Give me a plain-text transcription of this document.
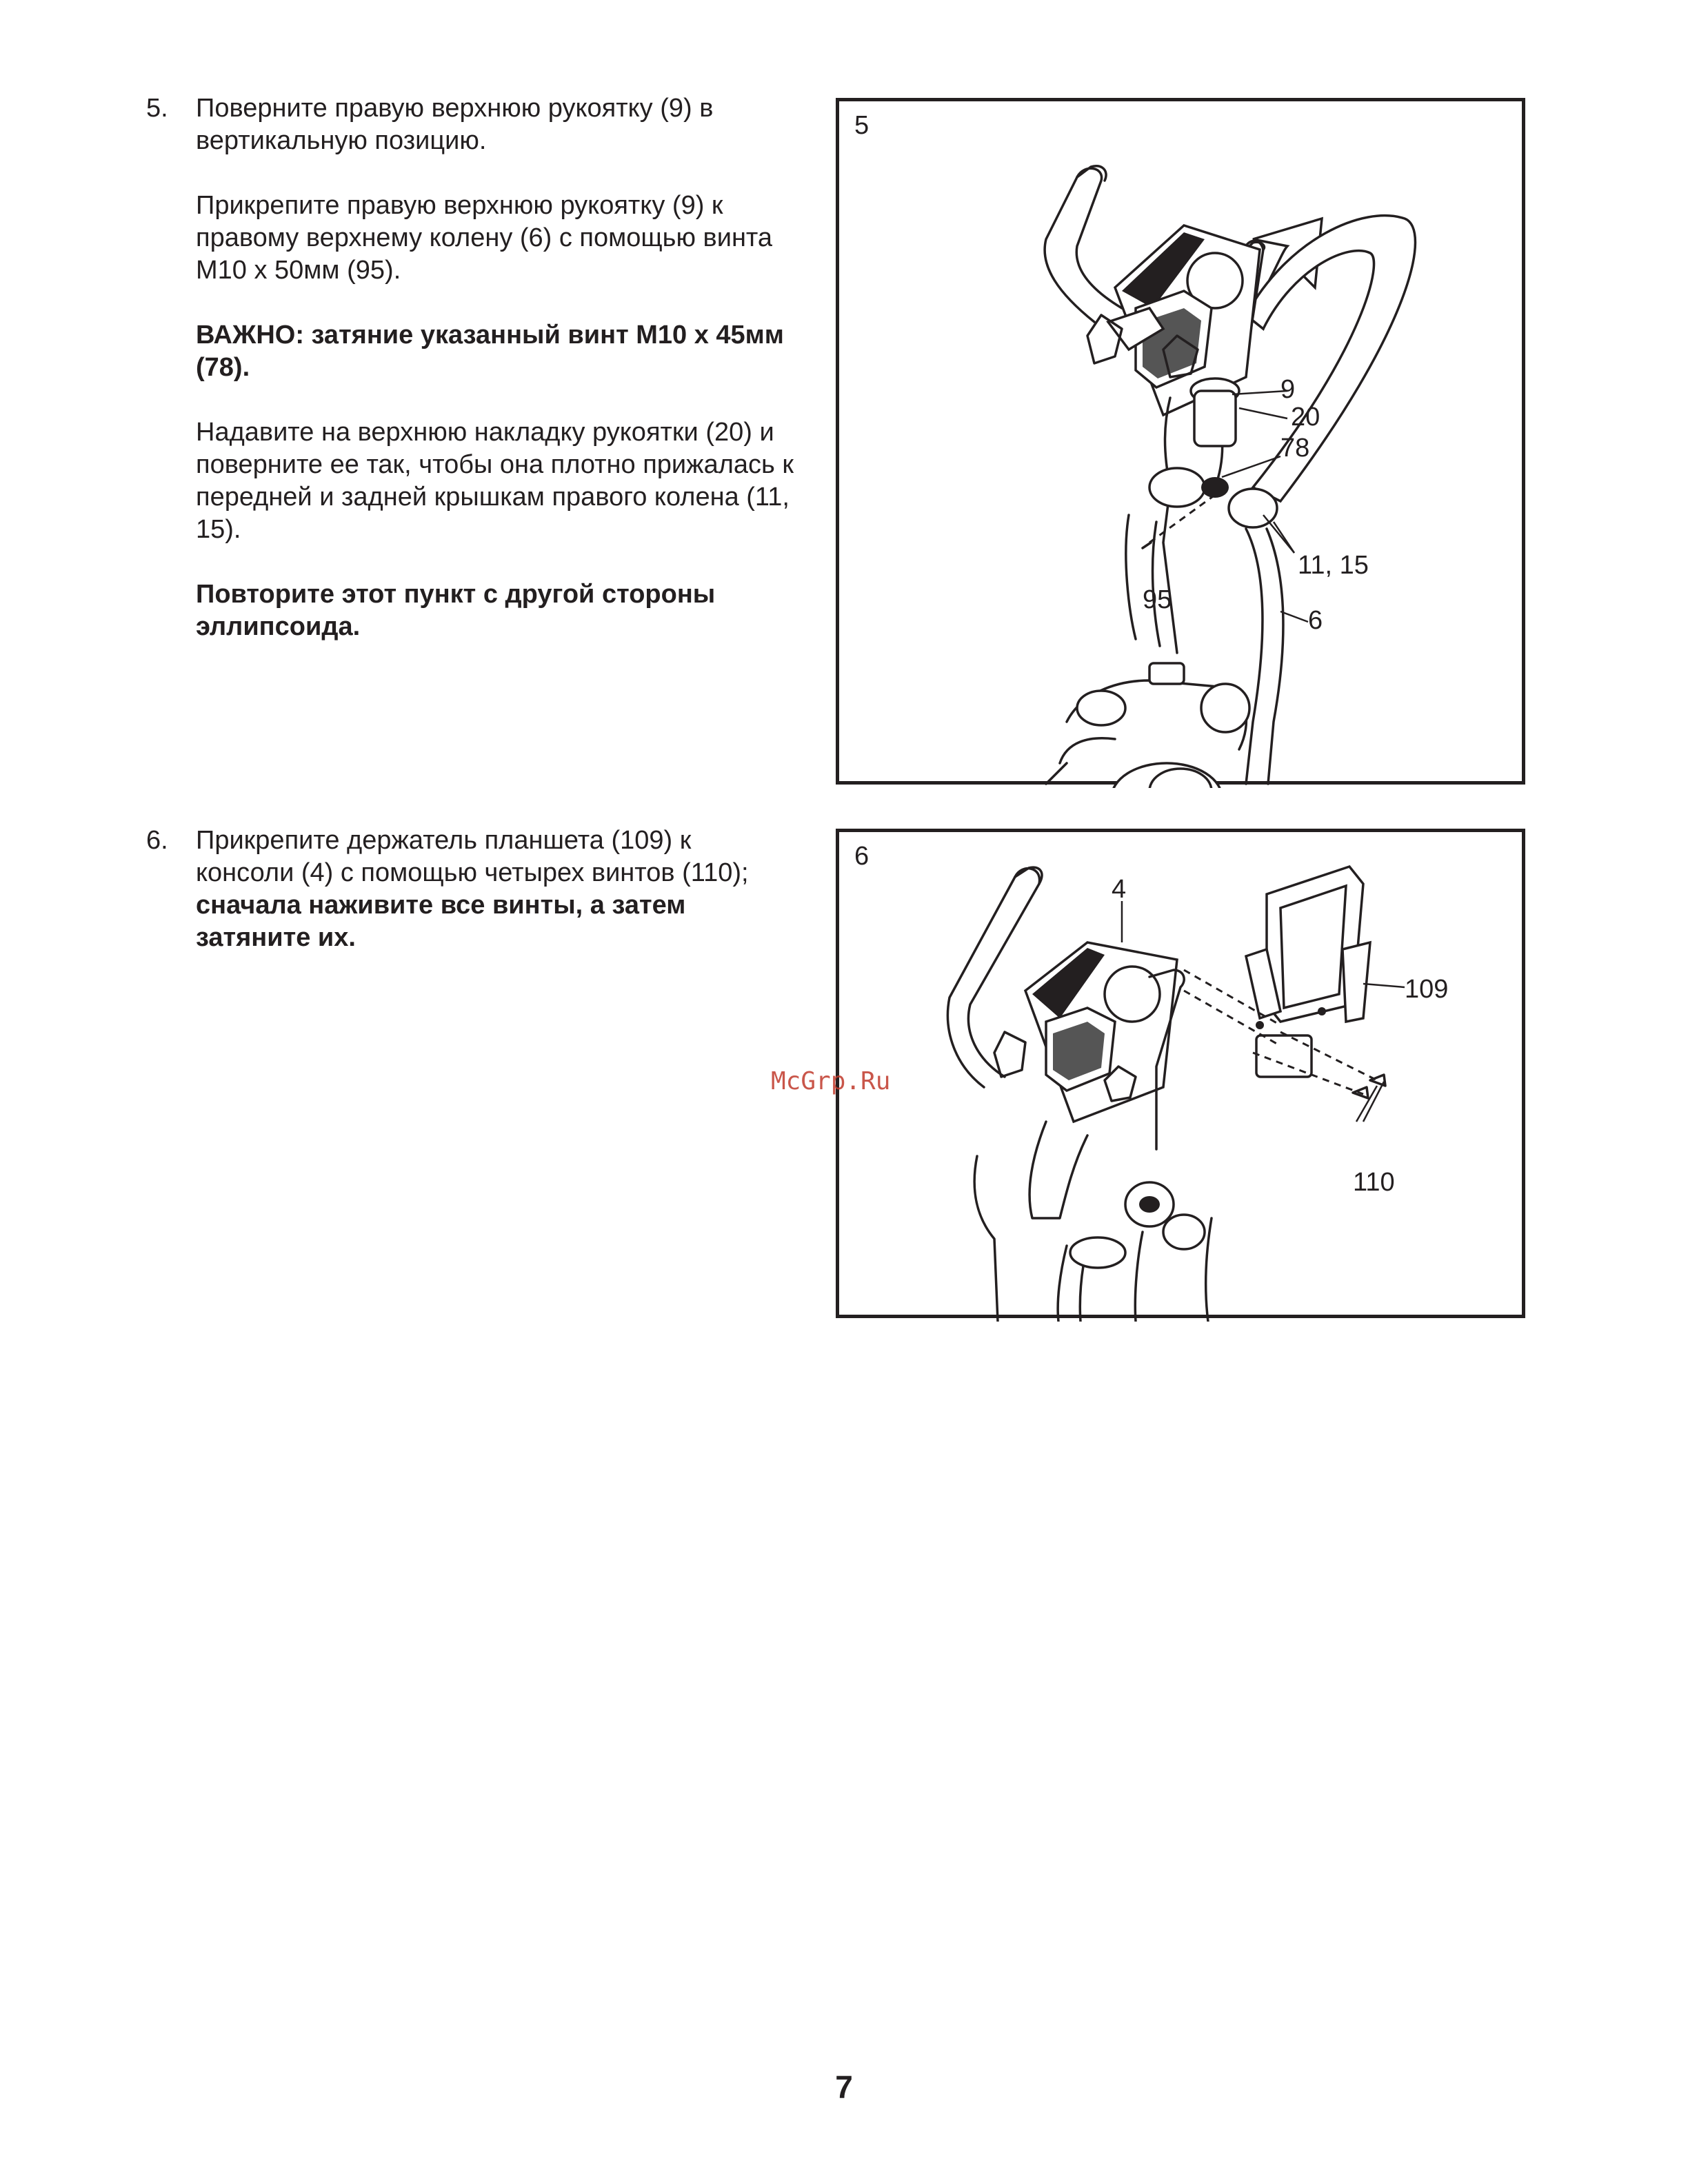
5. Поверните правую верхнюю рукоятку (9) в вертикальную позицию.

Прикрепите правую верхнюю рукоятку (9) к правому верхнему колену (6) с помощью винта M10 x 50мм (95).

ВАЖНО: затяние указанный винт M10 x 45мм (78).

Надавите на верхнюю накладку рукоятки (20) и поверните ее так, чтобы она плотно прижалась к передней и задней крышкам правого колена (11, 15).

Повторите этот пункт с другой стороны эллипсоида.

6. Прикрепите держатель планшета (109) к консоли (4) с помощью четырех винтов (110); сначала наживите все винты, а затем затяните их.

9
20
78
11, 15
95
6
5
4
109
110
6
McGrp.Ru
7
